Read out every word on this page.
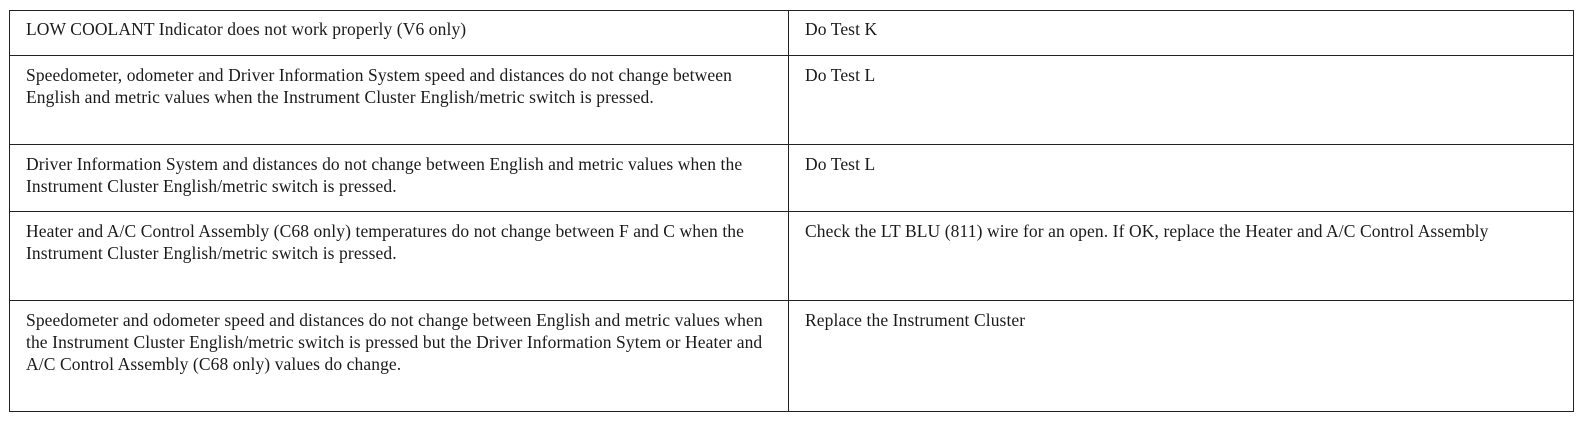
LOW COOLANT Indicator does not work properly (V6 only)	Do Test K
Speedometer, odometer and Driver Information System speed and distances do not change between English and metric values when the Instrument Cluster English/metric switch is pressed.	Do Test L
Driver Information System and distances do not change between English and metric values when the Instrument Cluster English/metric switch is pressed.	Do Test L
Heater and A/C Control Assembly (C68 only) temperatures do not change between F and C when the Instrument Cluster English/metric switch is pressed.	Check the LT BLU (811) wire for an open. If OK, replace the Heater and A/C Control Assembly
Speedometer and odometer speed and distances do not change between English and metric values when the Instrument Cluster English/metric switch is pressed but the Driver Information Sytem or Heater and A/C Control Assembly (C68 only) values do change.	Replace the Instrument Cluster
